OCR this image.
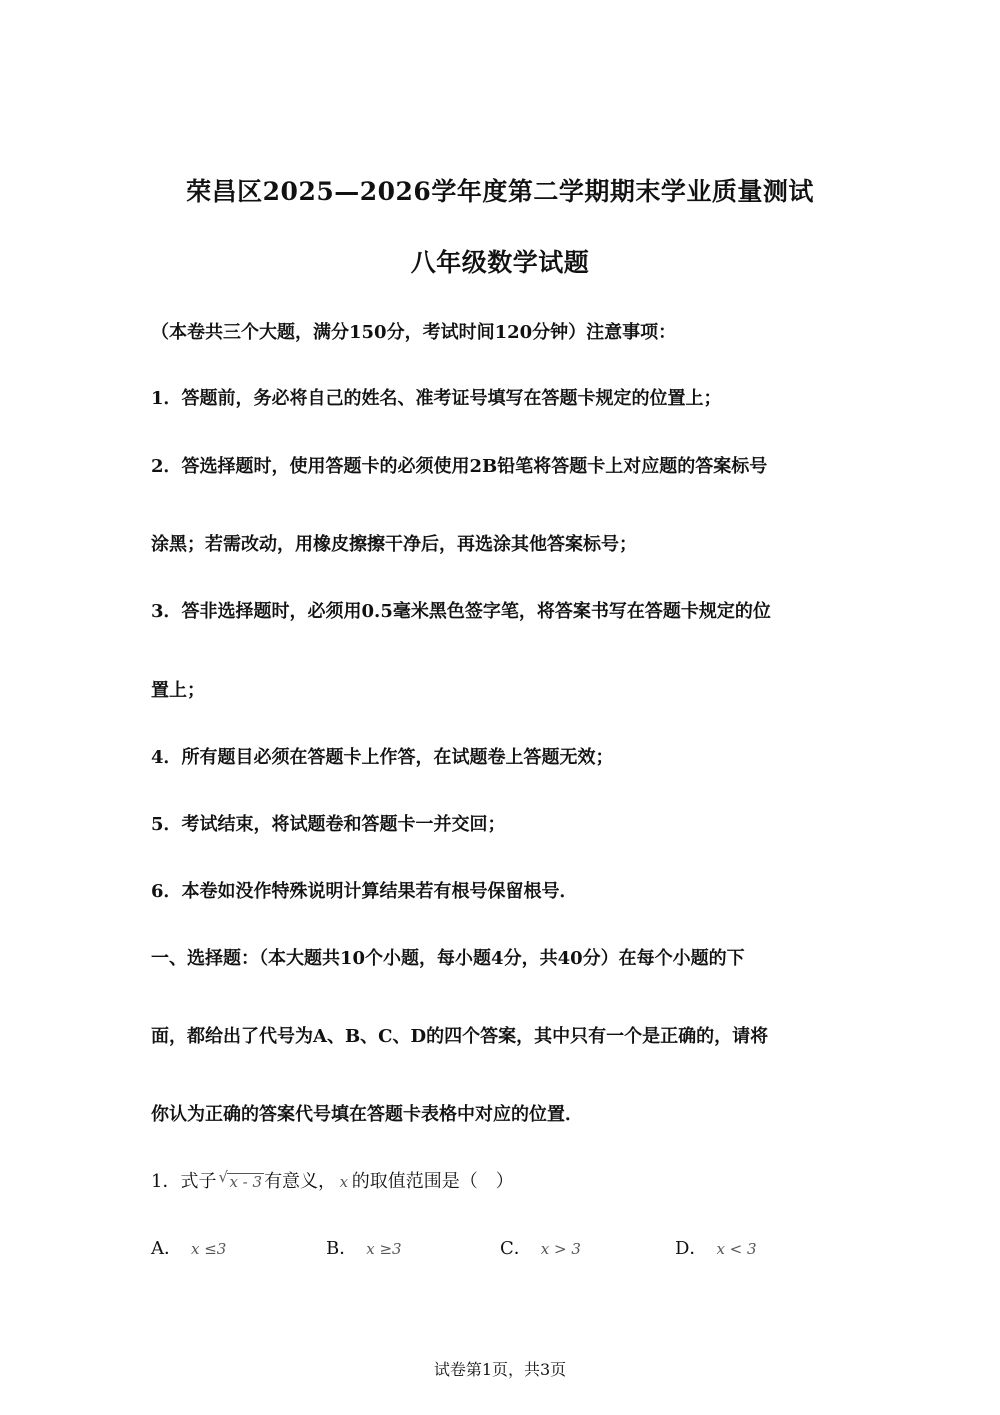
荣昌区2025—2026学年度第二学期期末学业质量测试
八年级数学试题
（本卷共三个大题，满分150分，考试时间120分钟）注意事项：
1．答题前，务必将自己的姓名、准考证号填写在答题卡规定的位置上；
2．答选择题时，使用答题卡的必须使用2B铅笔将答题卡上对应题的答案标号
涂黑；若需改动，用橡皮擦擦干净后，再选涂其他答案标号；
3．答非选择题时，必须用0.5毫米黑色签字笔，将答案书写在答题卡规定的位
置上；
4．所有题目必须在答题卡上作答，在试题卷上答题无效；
5．考试结束，将试题卷和答题卡一并交回；
6．本卷如没作特殊说明计算结果若有根号保留根号．
一、选择题：（本大题共10个小题，每小题4分，共40分）在每个小题的下
面，都给出了代号为A、B、C、D的四个答案，其中只有一个是正确的，请将
你认为正确的答案代号填在答题卡表格中对应的位置．
1．式子 √ x - 3 有意义，  x  的取值范围是（　）
A．  x ≤3	B．  x ≥3	C．  x > 3	D．  x < 3
试卷第1页，共3页
